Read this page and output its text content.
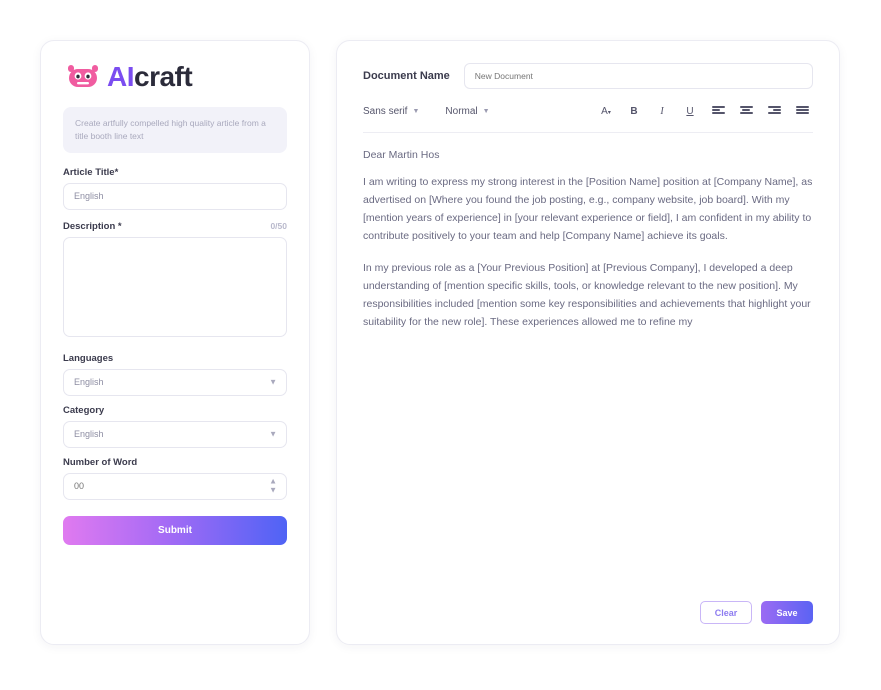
AIcraft
Create artfully compelled high quality article from a title booth line text
Article Title*
English
Description *	0/50
Languages
English
▼
Category
English
▼
Number of Word
00
▲
▼
Submit
Document Name
New Document
Sans serif ▼	Normal ▼	A▾	B	I	U
Dear Martin Hos

I am writing to express my strong interest in the [Position Name] position at [Company Name], as advertised on [Where you found the job posting, e.g., company website, job board]. With my [mention years of experience] in [your relevant experience or field], I am confident in my ability to contribute positively to your team and help [Company Name] achieve its goals.

In my previous role as a [Your Previous Position] at [Previous Company], I developed a deep understanding of [mention specific skills, tools, or knowledge relevant to the new position]. My responsibilities included [mention some key responsibilities and achievements that highlight your suitability for the new role]. These experiences allowed me to refine my

Clear	Save
